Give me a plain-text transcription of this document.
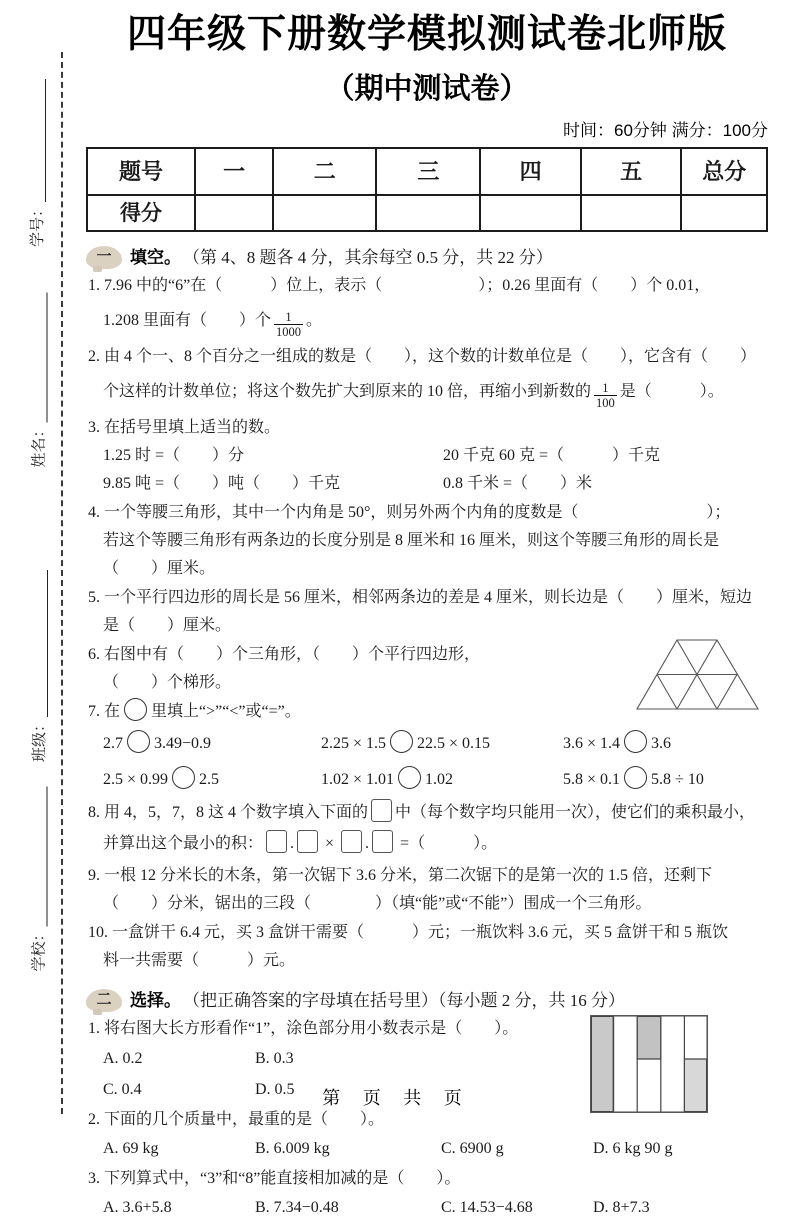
学号：
姓名：
班级：
学校：
四年级下册数学模拟测试卷北师版
（期中测试卷）
时间：60分钟 满分：100分
题号	一	二	三	四	五	总分
得分						
一	填空。 （第 4、8 题各 4 分，其余每空 0.5 分，共 22 分）
1. 7.96 中的“6”在（　　　）位上，表示（　　　　　　）；0.26 里面有（　　）个 0.01，
1.208 里面有（　　）个 $\frac{1}{1000}$ 。
2. 由 4 个一、8 个百分之一组成的数是（　　），这个数的计数单位是（　　），它含有（　　）
个这样的计数单位；将这个数先扩大到原来的 10 倍，再缩小到新数的 $\frac{1}{100}$ 是（　　　）。
3. 在括号里填上适当的数。
1.25 时 =（　　）分	20 千克 60 克 =（　　　）千克
9.85 吨 =（　　）吨（　　）千克	0.8 千米 =（　　）米
4. 一个等腰三角形，其中一个内角是 50°，则另外两个内角的度数是（　　　　　　　　）；
若这个等腰三角形有两条边的长度分别是 8 厘米和 16 厘米，则这个等腰三角形的周长是
（　　）厘米。
5. 一个平行四边形的周长是 56 厘米，相邻两条边的差是 4 厘米，则长边是（　　）厘米，短边
是（　　）厘米。
6. 右图中有（　　）个三角形，（　　）个平行四边形，
（　　）个梯形。
7. 在 里填上“>”“<”或“=”。
2.7 3.49−0.9	2.25 × 1.5 22.5 × 0.15	3.6 × 1.4 3.6
2.5 × 0.99 2.5	1.02 × 1.01 1.02	5.8 × 0.1 5.8 ÷ 10
8. 用 4，5，7，8 这 4 个数字填入下面的 中（每个数字均只能用一次），使它们的乘积最小，
并算出这个最小的积： . × . =（　　　）。
9. 一根 12 分米长的木条，第一次锯下 3.6 分米，第二次锯下的是第一次的 1.5 倍，还剩下
（　　）分米，锯出的三段（　　　　）（填“能”或“不能”）围成一个三角形。
10. 一盒饼干 6.4 元，买 3 盒饼干需要（　　　）元；一瓶饮料 3.6 元，买 5 盒饼干和 5 瓶饮
料一共需要（　　　）元。
二	选择。 （把正确答案的字母填在括号里）（每小题 2 分，共 16 分）
1. 将右图大长方形看作“1”，涂色部分用小数表示是（　　）。
A. 0.2	B. 0.3
C. 0.4	D. 0.5
2. 下面的几个质量中，最重的是（　　）。
A. 69 kg	B. 6.009 kg	C. 6900 g	D. 6 kg 90 g
3. 下列算式中，“3”和“8”能直接相加减的是（　　）。
A. 3.6+5.8	B. 7.34−0.48	C. 14.53−4.68	D. 8+7.3
第 页 共 页
